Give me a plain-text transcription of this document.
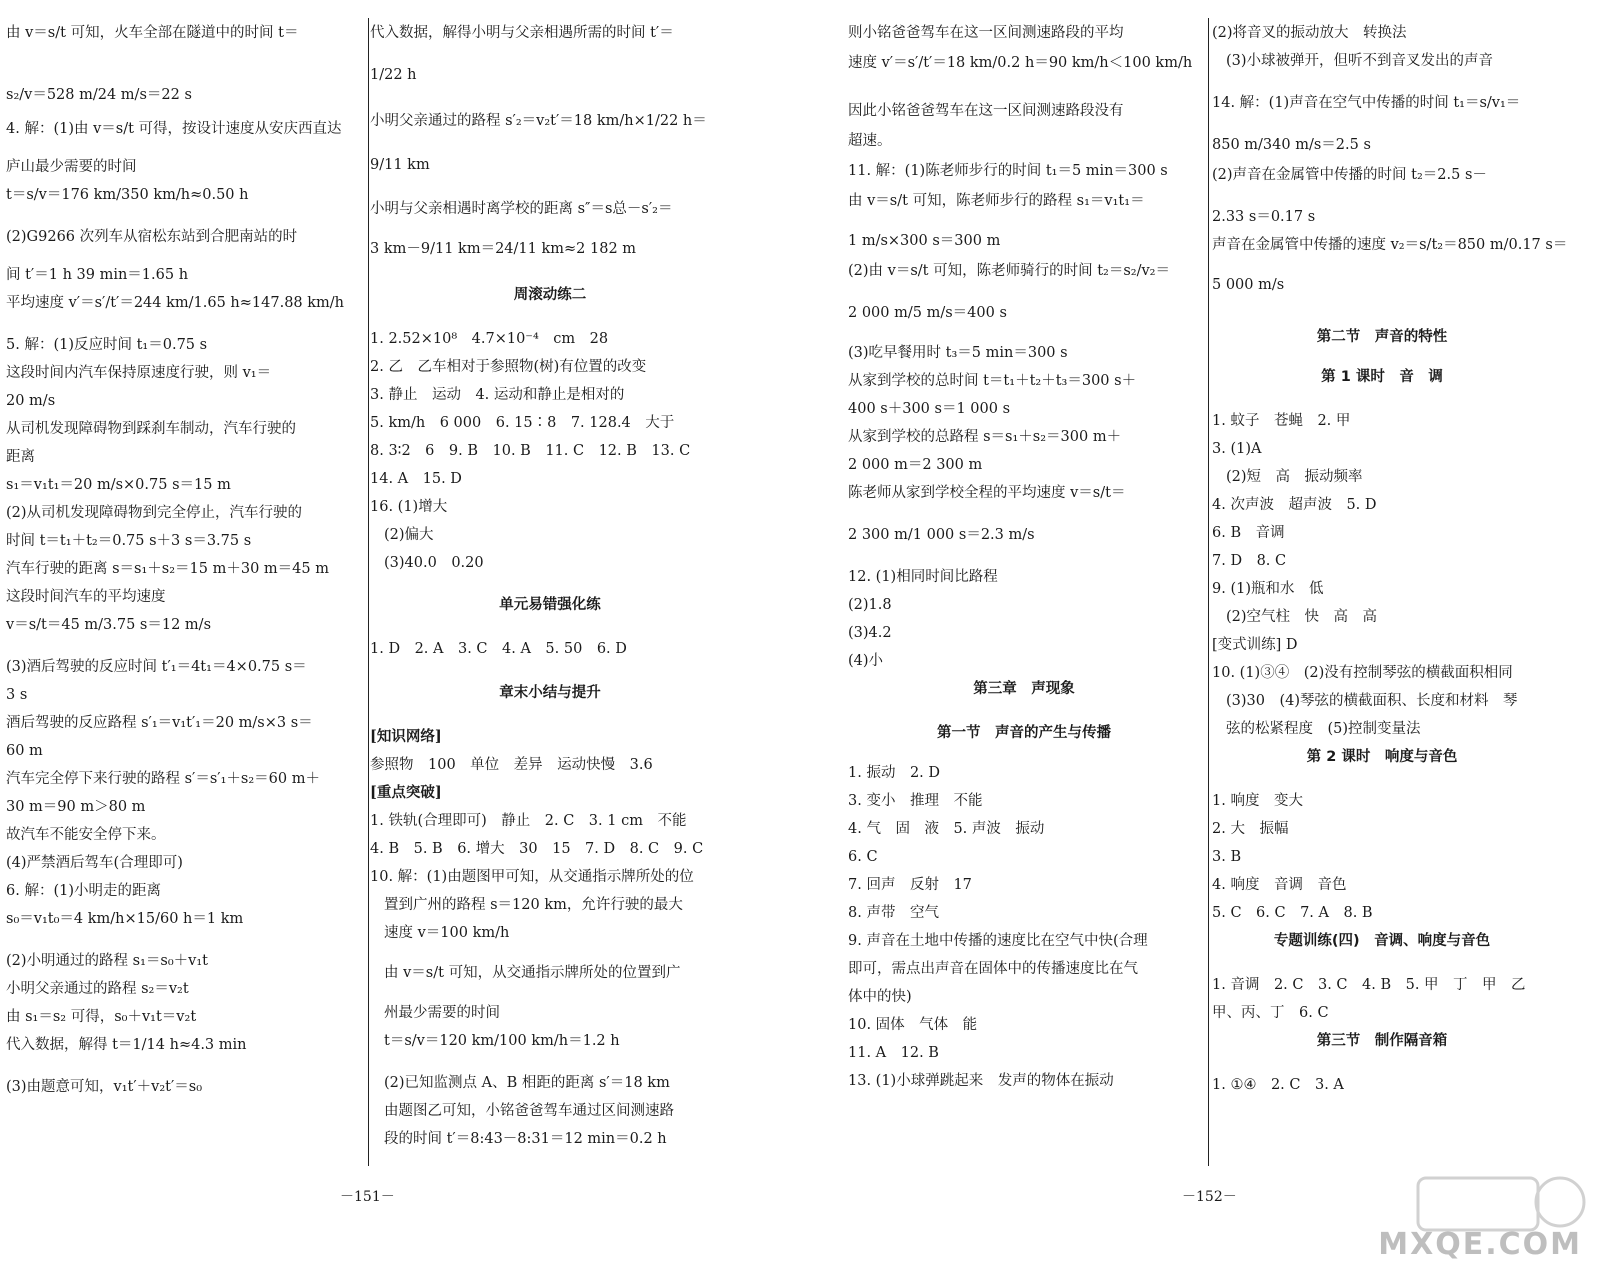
由 v＝s/t 可知，火车全部在隧道中的时间 t＝
s₂/v＝528 m/24 m/s＝22 s
4. 解：(1)由 v＝s/t 可得，按设计速度从安庆西直达
庐山最少需要的时间
t＝s/v＝176 km/350 km/h≈0.50 h
(2)G9266 次列车从宿松东站到合肥南站的时
间 t′＝1 h 39 min＝1.65 h
平均速度 v′＝s′/t′＝244 km/1.65 h≈147.88 km/h
5. 解：(1)反应时间 t₁＝0.75 s
这段时间内汽车保持原速度行驶，则 v₁＝
20 m/s
从司机发现障碍物到踩刹车制动，汽车行驶的
距离
s₁＝v₁t₁＝20 m/s×0.75 s＝15 m
(2)从司机发现障碍物到完全停止，汽车行驶的
时间 t＝t₁＋t₂＝0.75 s＋3 s＝3.75 s
汽车行驶的距离 s＝s₁＋s₂＝15 m＋30 m＝45 m
这段时间汽车的平均速度
v＝s/t＝45 m/3.75 s＝12 m/s
(3)酒后驾驶的反应时间 t′₁＝4t₁＝4×0.75 s＝
3 s
酒后驾驶的反应路程 s′₁＝v₁t′₁＝20 m/s×3 s＝
60 m
汽车完全停下来行驶的路程 s′＝s′₁＋s₂＝60 m＋
30 m＝90 m＞80 m
故汽车不能安全停下来。
(4)严禁酒后驾车(合理即可)
6. 解：(1)小明走的距离
s₀＝v₁t₀＝4 km/h×15/60 h＝1 km
(2)小明通过的路程 s₁＝s₀＋v₁t
小明父亲通过的路程 s₂＝v₂t
由 s₁＝s₂ 可得，s₀＋v₁t＝v₂t
代入数据，解得 t＝1/14 h≈4.3 min
(3)由题意可知，v₁t′＋v₂t′＝s₀
代入数据，解得小明与父亲相遇所需的时间 t′＝
1/22 h
小明父亲通过的路程 s′₂＝v₂t′＝18 km/h×1/22 h＝
9/11 km
小明与父亲相遇时离学校的距离 s″＝s总－s′₂＝
3 km－9/11 km＝24/11 km≈2 182 m
周滚动练二
1. 2.52×10⁸　4.7×10⁻⁴　cm　28
2. 乙　乙车相对于参照物(树)有位置的改变
3. 静止　运动　4. 运动和静止是相对的
5. km/h　6 000　6. 15∶8　7. 128.4　大于
8. 3∶2　6　9. B　10. B　11. C　12. B　13. C
14. A　15. D
16. (1)增大
(2)偏大
(3)40.0　0.20
单元易错强化练
1. D　2. A　3. C　4. A　5. 50　6. D
章末小结与提升
[知识网络]
参照物　100　单位　差异　运动快慢　3.6
[重点突破]
1. 铁轨(合理即可)　静止　2. C　3. 1 cm　不能
4. B　5. B　6. 增大　30　15　7. D　8. C　9. C
10. 解：(1)由题图甲可知，从交通指示牌所处的位
置到广州的路程 s＝120 km，允许行驶的最大
速度 v＝100 km/h
由 v＝s/t 可知，从交通指示牌所处的位置到广
州最少需要的时间
t＝s/v＝120 km/100 km/h＝1.2 h
(2)已知监测点 A、B 相距的距离 s′＝18 km
由题图乙可知，小铭爸爸驾车通过区间测速路
段的时间 t′＝8:43－8:31＝12 min＝0.2 h
－151－
则小铭爸爸驾车在这一区间测速路段的平均
速度 v′＝s′/t′＝18 km/0.2 h＝90 km/h＜100 km/h
因此小铭爸爸驾车在这一区间测速路段没有
超速。
11. 解：(1)陈老师步行的时间 t₁＝5 min＝300 s
由 v＝s/t 可知，陈老师步行的路程 s₁＝v₁t₁＝
1 m/s×300 s＝300 m
(2)由 v＝s/t 可知，陈老师骑行的时间 t₂＝s₂/v₂＝
2 000 m/5 m/s＝400 s
(3)吃早餐用时 t₃＝5 min＝300 s
从家到学校的总时间 t＝t₁＋t₂＋t₃＝300 s＋
400 s＋300 s＝1 000 s
从家到学校的总路程 s＝s₁＋s₂＝300 m＋
2 000 m＝2 300 m
陈老师从家到学校全程的平均速度 v＝s/t＝
2 300 m/1 000 s＝2.3 m/s
12. (1)相同时间比路程
(2)1.8
(3)4.2
(4)小
第三章　声现象
第一节　声音的产生与传播
1. 振动　2. D
3. 变小　推理　不能
4. 气　固　液　5. 声波　振动
6. C
7. 回声　反射　17
8. 声带　空气
9. 声音在土地中传播的速度比在空气中快(合理
即可，需点出声音在固体中的传播速度比在气
体中的快)
10. 固体　气体　能
11. A　12. B
13. (1)小球弹跳起来　发声的物体在振动
(2)将音叉的振动放大　转换法
(3)小球被弹开，但听不到音叉发出的声音
14. 解：(1)声音在空气中传播的时间 t₁＝s/v₁＝
850 m/340 m/s＝2.5 s
(2)声音在金属管中传播的时间 t₂＝2.5 s－
2.33 s＝0.17 s
声音在金属管中传播的速度 v₂＝s/t₂＝850 m/0.17 s＝
5 000 m/s
第二节　声音的特性
第 1 课时　音　调
1. 蚊子　苍蝇　2. 甲
3. (1)A
(2)短　高　振动频率
4. 次声波　超声波　5. D
6. B　音调
7. D　8. C
9. (1)瓶和水　低
(2)空气柱　快　高　高
[变式训练] D
10. (1)③④　(2)没有控制琴弦的横截面积相同
(3)30　(4)琴弦的横截面积、长度和材料　琴
弦的松紧程度　(5)控制变量法
第 2 课时　响度与音色
1. 响度　变大
2. 大　振幅
3. B
4. 响度　音调　音色
5. C　6. C　7. A　8. B
专题训练(四)　音调、响度与音色
1. 音调　2. C　3. C　4. B　5. 甲　丁　甲　乙
甲、丙、丁　6. C
第三节　制作隔音箱
1. ①④　2. C　3. A
－152－
MXQE.COM
